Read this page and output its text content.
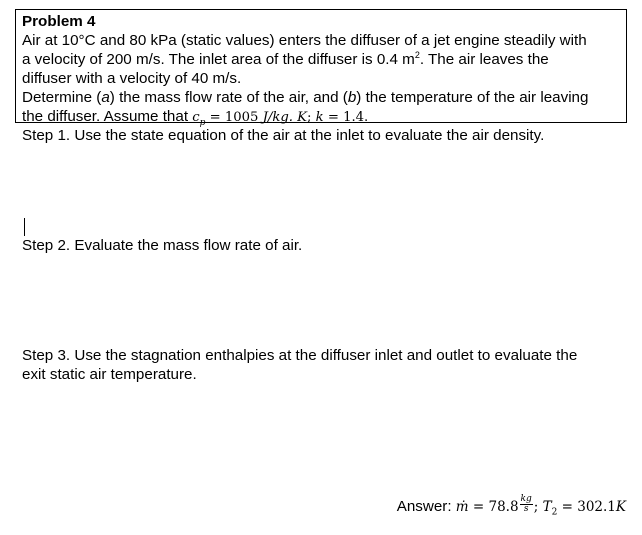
Problem 4
Air at 10°C and 80 kPa (static values) enters the diffuser of a jet engine steadily with
a velocity of 200 m/s. The inlet area of the diffuser is 0.4 $m^2$. The air leaves the
diffuser with a velocity of 40 m/s.
Determine (a) the mass flow rate of the air, and (b) the temperature of the air leaving
the diffuser. Assume that $c_p = 1005$ J/kg. K; k = 1.4.
Step 1. Use the state equation of the air at the inlet to evaluate the air density.
Step 2. Evaluate the mass flow rate of air.
Step 3. Use the stagnation enthalpies at the diffuser inlet and outlet to evaluate the
exit static air temperature.
Answer: ṁ = $78.8 \frac{kg}{s}$ ; $T_2 = 302.1K$
